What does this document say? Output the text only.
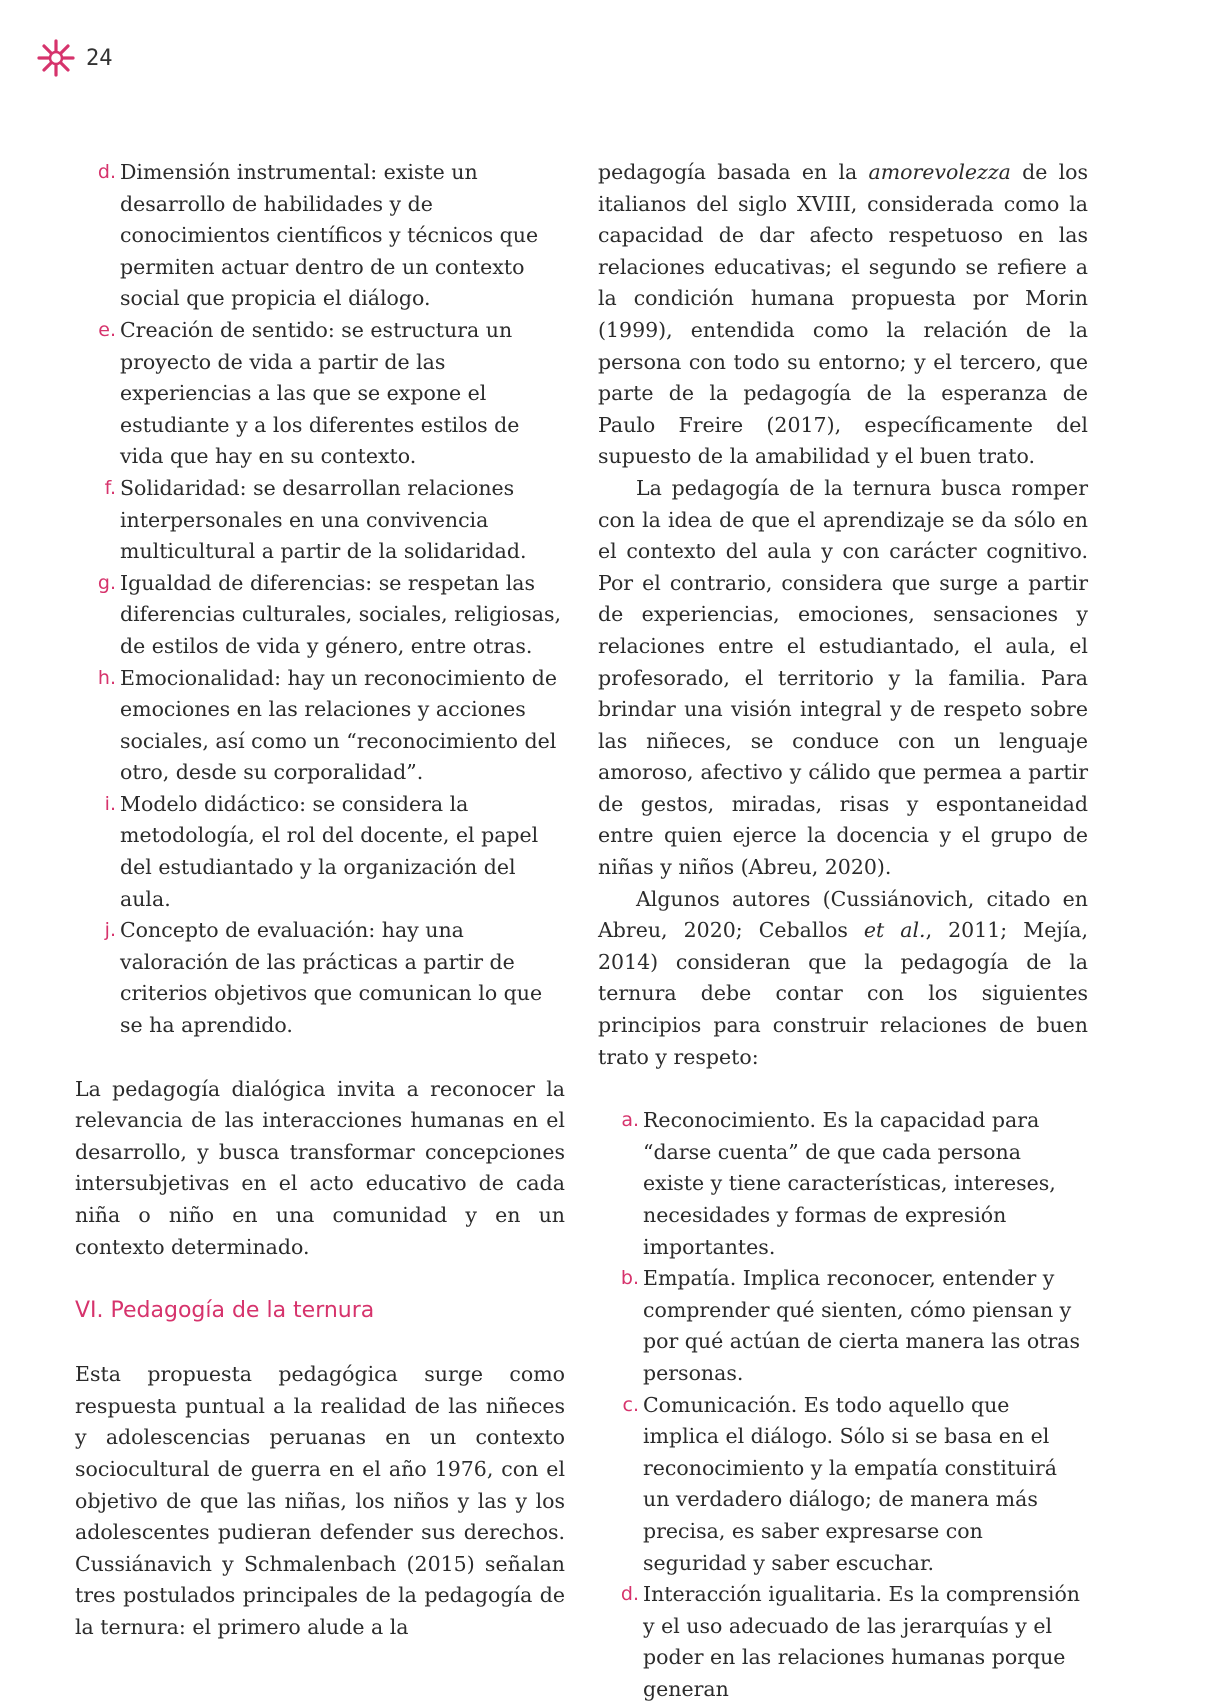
24
d. Dimensión instrumental: existe un desarrollo de habilidades y de conocimientos científicos y técnicos que permiten actuar dentro de un contexto social que propicia el diálogo.
e. Creación de sentido: se estructura un proyecto de vida a partir de las experiencias a las que se expone el estudiante y a los diferentes estilos de vida que hay en su contexto.
f. Solidaridad: se desarrollan relaciones interpersonales en una convivencia multicultural a partir de la solidaridad.
g. Igualdad de diferencias: se respetan las diferencias culturales, sociales, religiosas, de estilos de vida y género, entre otras.
h. Emocionalidad: hay un reconocimiento de emociones en las relaciones y acciones sociales, así como un “reconocimiento del otro, desde su corporalidad”.
i. Modelo didáctico: se considera la metodología, el rol del docente, el papel del estudiantado y la organización del aula.
j. Concepto de evaluación: hay una valoración de las prácticas a partir de criterios objetivos que comunican lo que se ha aprendido.

La pedagogía dialógica invita a reconocer la relevancia de las interacciones humanas en el desarrollo, y busca transformar concepciones intersubjetivas en el acto educativo de cada niña o niño en una comunidad y en un contexto determinado.

VI. Pedagogía de la ternura

Esta propuesta pedagógica surge como respuesta puntual a la realidad de las niñeces y adolescencias peruanas en un contexto sociocultural de guerra en el año 1976, con el objetivo de que las niñas, los niños y las y los adolescentes pudieran defender sus derechos. Cussiánavich y Schmalenbach (2015) señalan tres postulados principales de la pedagogía de la ternura: el primero alude a la

pedagogía basada en la amorevolezza de los italianos del siglo XVIII, considerada como la capacidad de dar afecto respetuoso en las relaciones educativas; el segundo se refiere a la condición humana propuesta por Morin (1999), entendida como la relación de la persona con todo su entorno; y el tercero, que parte de la pedagogía de la esperanza de Paulo Freire (2017), específicamente del supuesto de la amabilidad y el buen trato.

La pedagogía de la ternura busca romper con la idea de que el aprendizaje se da sólo en el contexto del aula y con carácter cognitivo. Por el contrario, considera que surge a partir de experiencias, emociones, sensaciones y relaciones entre el estudiantado, el aula, el profesorado, el territorio y la familia. Para brindar una visión integral y de respeto sobre las niñeces, se conduce con un lenguaje amoroso, afectivo y cálido que permea a partir de gestos, miradas, risas y espontaneidad entre quien ejerce la docencia y el grupo de niñas y niños (Abreu, 2020).

Algunos autores (Cussiánovich, citado en Abreu, 2020; Ceballos et al., 2011; Mejía, 2014) consideran que la pedagogía de la ternura debe contar con los siguientes principios para construir relaciones de buen trato y respeto:

a. Reconocimiento. Es la capacidad para “darse cuenta” de que cada persona existe y tiene características, intereses, necesidades y formas de expresión importantes.
b. Empatía. Implica reconocer, entender y comprender qué sienten, cómo piensan y por qué actúan de cierta manera las otras personas.
c. Comunicación. Es todo aquello que implica el diálogo. Sólo si se basa en el reconocimiento y la empatía constituirá un verdadero diálogo; de manera más precisa, es saber expresarse con seguridad y saber escuchar.
d. Interacción igualitaria. Es la comprensión y el uso adecuado de las jerarquías y el poder en las relaciones humanas porque generan
